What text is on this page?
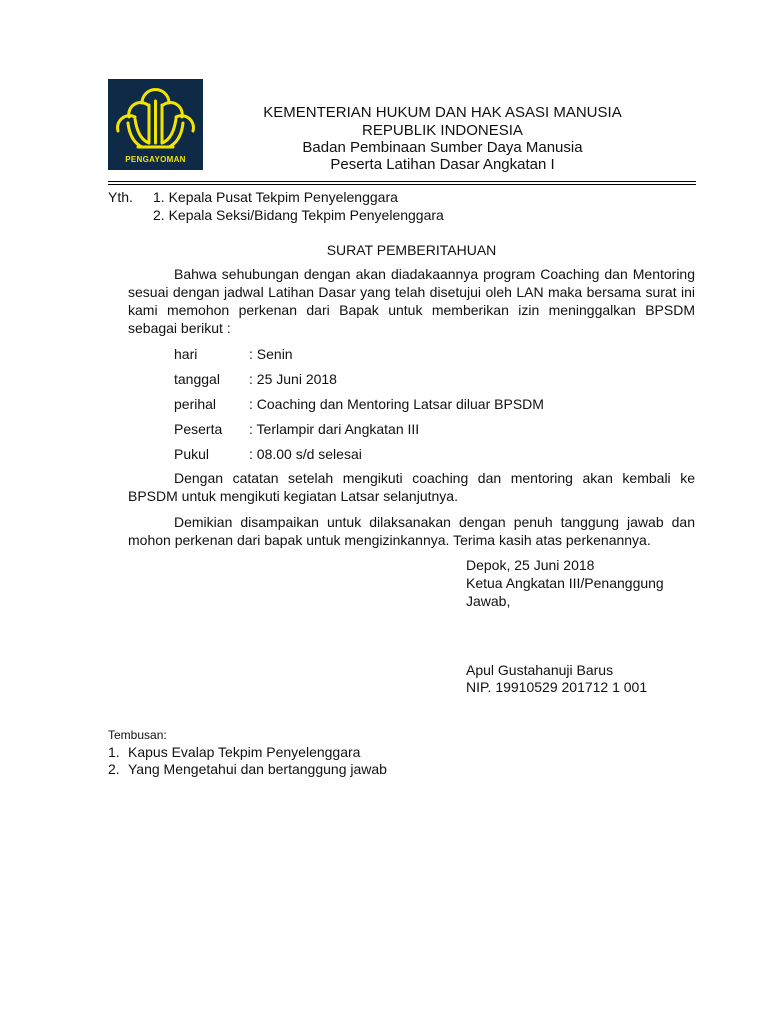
PENGAYOMAN
KEMENTERIAN HUKUM DAN HAK ASASI MANUSIA
REPUBLIK INDONESIA
Badan Pembinaan Sumber Daya Manusia
Peserta Latihan Dasar Angkatan I
Yth. 1. Kepala Pusat Tekpim Penyelenggara
2. Kepala Seksi/Bidang Tekpim Penyelenggara
SURAT PEMBERITAHUAN
Bahwa sehubungan dengan akan diadakaannya program Coaching dan Mentoring
sesuai dengan jadwal Latihan Dasar yang telah disetujui oleh LAN maka bersama surat ini
kami memohon perkenan dari Bapak untuk memberikan izin meninggalkan BPSDM
sebagai berikut :
hari	: Senin
tanggal : 25 Juni 2018
perihal : Coaching dan Mentoring Latsar diluar BPSDM
Peserta : Terlampir dari Angkatan III
Pukul	: 08.00 s/d selesai
Dengan catatan setelah mengikuti coaching dan mentoring akan kembali ke
BPSDM untuk mengikuti kegiatan Latsar selanjutnya.
Demikian disampaikan untuk dilaksanakan dengan penuh tanggung jawab dan
mohon perkenan dari bapak untuk mengizinkannya. Terima kasih atas perkenannya.
Depok, 25 Juni 2018
Ketua Angkatan III/Penanggung
Jawab,
Apul Gustahanuji Barus
NIP. 19910529 201712 1 001
Tembusan:
1. Kapus Evalap Tekpim Penyelenggara
2. Yang Mengetahui dan bertanggung jawab
